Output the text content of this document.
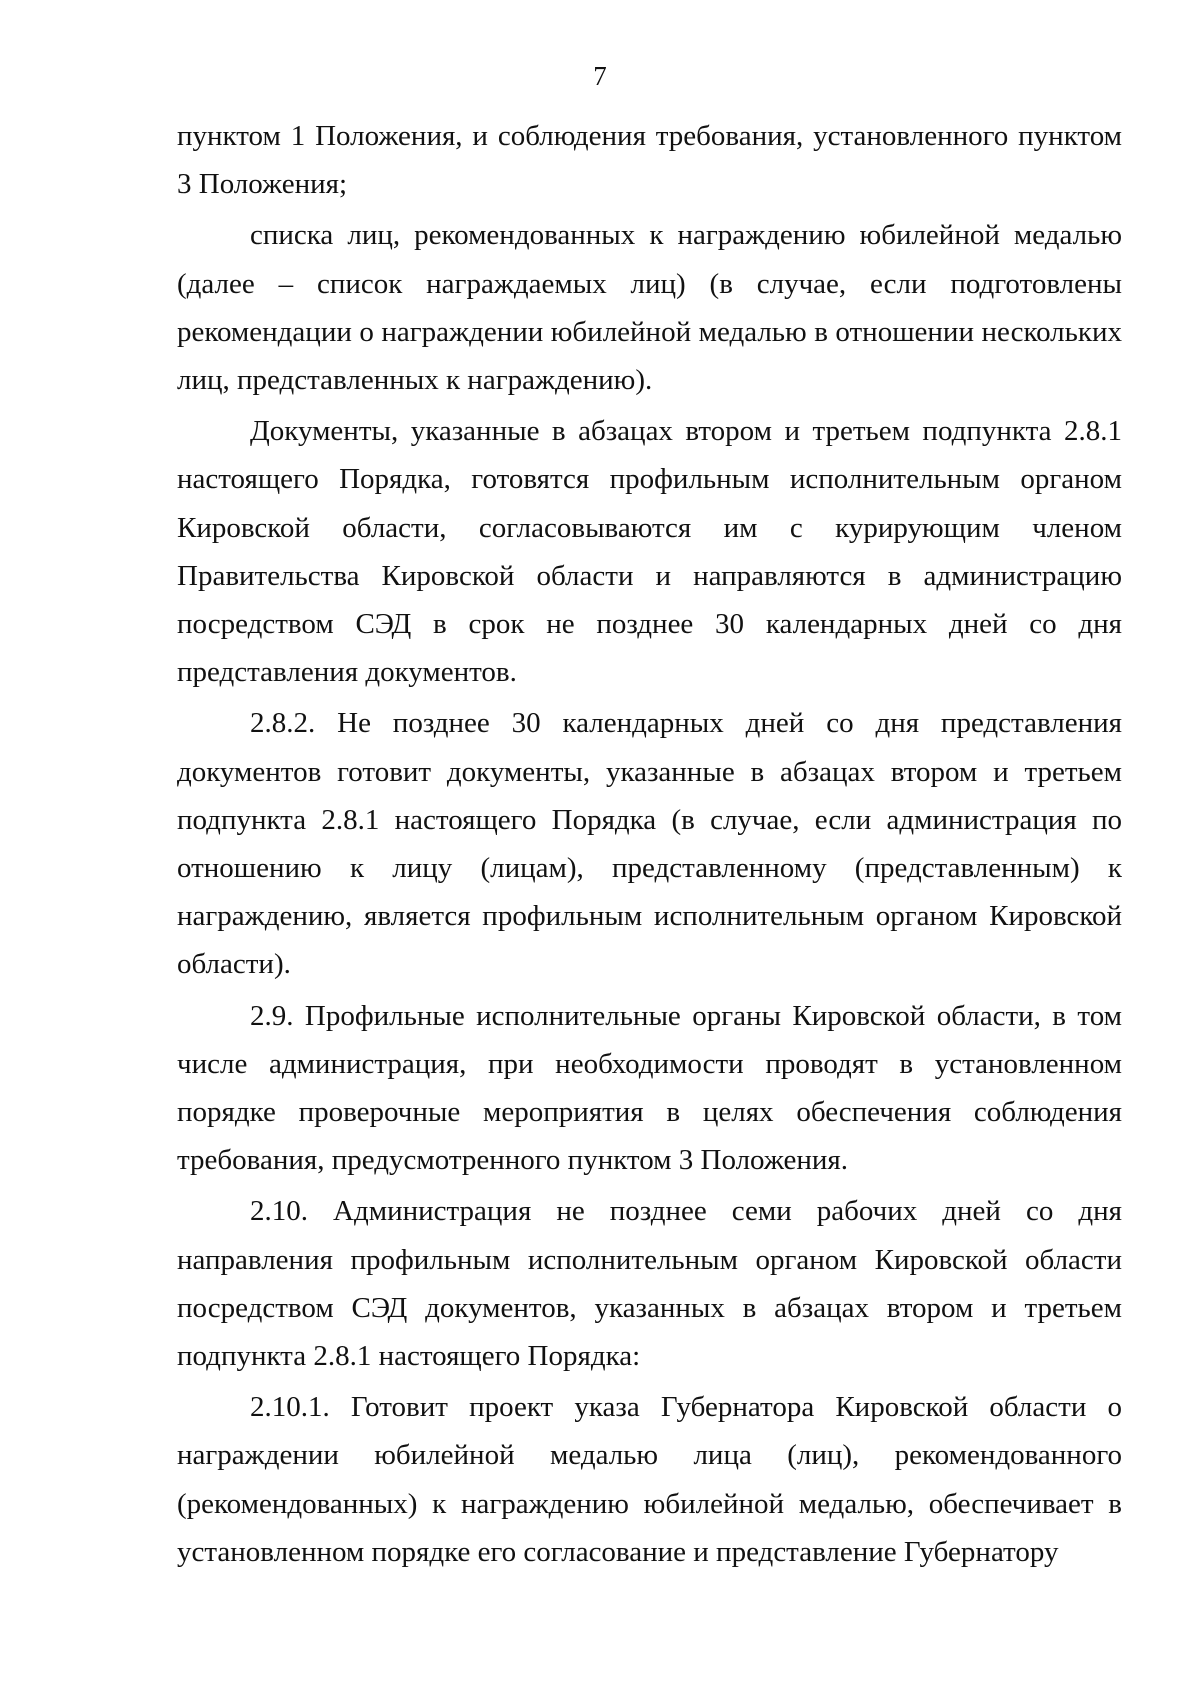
7

пунктом 1 Положения, и соблюдения требования, установленного пунктом 3 Положения;

списка лиц, рекомендованных к награждению юбилейной медалью (далее – список награждаемых лиц) (в случае, если подготовлены рекомендации о награждении юбилейной медалью в отношении нескольких лиц, представленных к награждению).

Документы, указанные в абзацах втором и третьем подпункта 2.8.1 настоящего Порядка, готовятся профильным исполнительным органом Кировской области, согласовываются им с курирующим членом Правительства Кировской области и направляются в администрацию посредством СЭД в срок не позднее 30 календарных дней со дня представления документов.

2.8.2. Не позднее 30 календарных дней со дня представления документов готовит документы, указанные в абзацах втором и третьем подпункта 2.8.1 настоящего Порядка (в случае, если администрация по отношению к лицу (лицам), представленному (представленным) к награждению, является профильным исполнительным органом Кировской области).

2.9. Профильные исполнительные органы Кировской области, в том числе администрация, при необходимости проводят в установленном порядке проверочные мероприятия в целях обеспечения соблюдения требования, предусмотренного пунктом 3 Положения.

2.10. Администрация не позднее семи рабочих дней со дня направления профильным исполнительным органом Кировской области посредством СЭД документов, указанных в абзацах втором и третьем подпункта 2.8.1 настоящего Порядка:

2.10.1. Готовит проект указа Губернатора Кировской области о награждении юбилейной медалью лица (лиц), рекомендованного (рекомендованных) к награждению юбилейной медалью, обеспечивает в установленном порядке его согласование и представление Губернатору
